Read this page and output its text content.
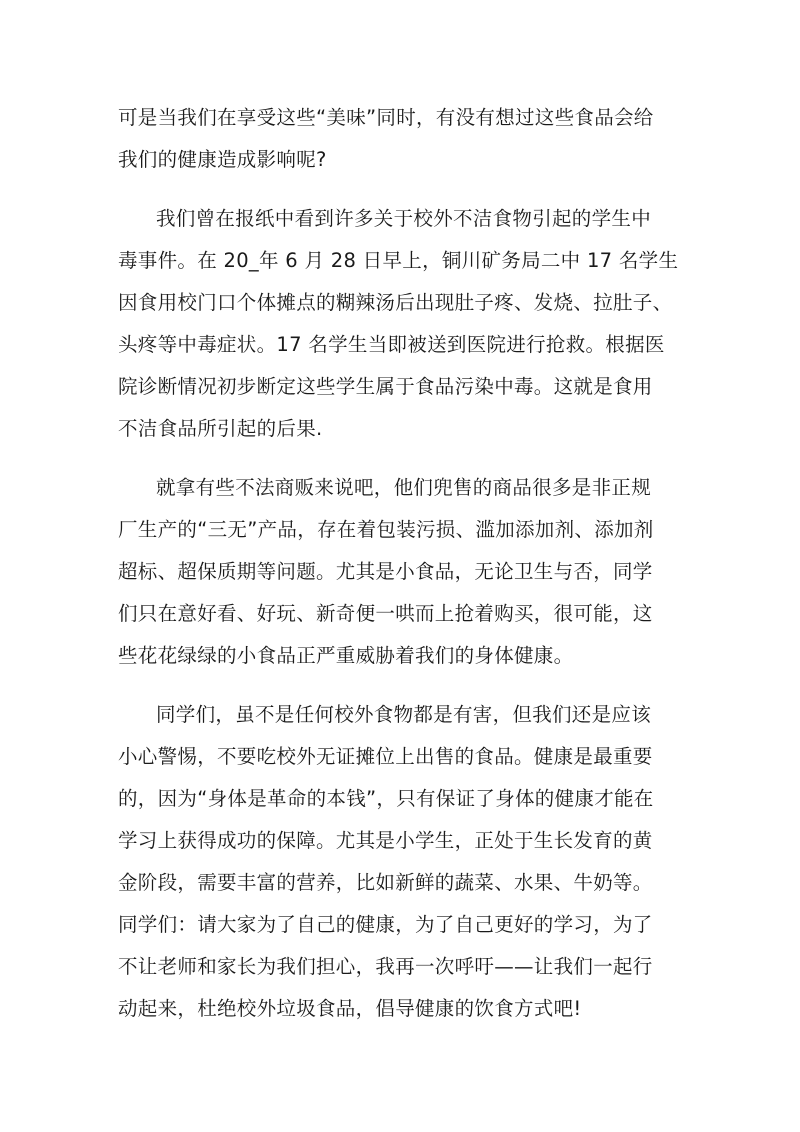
可是当我们在享受这些“美味”同时，有没有想过这些食品会给
我们的健康造成影响呢?
我们曾在报纸中看到许多关于校外不洁食物引起的学生中
毒事件。在 20_年 6 月 28 日早上，铜川矿务局二中 17 名学生
因食用校门口个体摊点的糊辣汤后出现肚子疼、发烧、拉肚子、
头疼等中毒症状。17 名学生当即被送到医院进行抢救。根据医
院诊断情况初步断定这些学生属于食品污染中毒。这就是食用
不洁食品所引起的后果.
就拿有些不法商贩来说吧，他们兜售的商品很多是非正规
厂生产的“三无”产品，存在着包装污损、滥加添加剂、添加剂
超标、超保质期等问题。尤其是小食品，无论卫生与否，同学
们只在意好看、好玩、新奇便一哄而上抢着购买，很可能，这
些花花绿绿的小食品正严重威胁着我们的身体健康。
同学们，虽不是任何校外食物都是有害，但我们还是应该
小心警惕，不要吃校外无证摊位上出售的食品。健康是最重要
的，因为“身体是革命的本钱”，只有保证了身体的健康才能在
学习上获得成功的保障。尤其是小学生，正处于生长发育的黄
金阶段，需要丰富的营养，比如新鲜的蔬菜、水果、牛奶等。
同学们：请大家为了自己的健康，为了自己更好的学习，为了
不让老师和家长为我们担心，我再一次呼吁——让我们一起行
动起来，杜绝校外垃圾食品，倡导健康的饮食方式吧!
